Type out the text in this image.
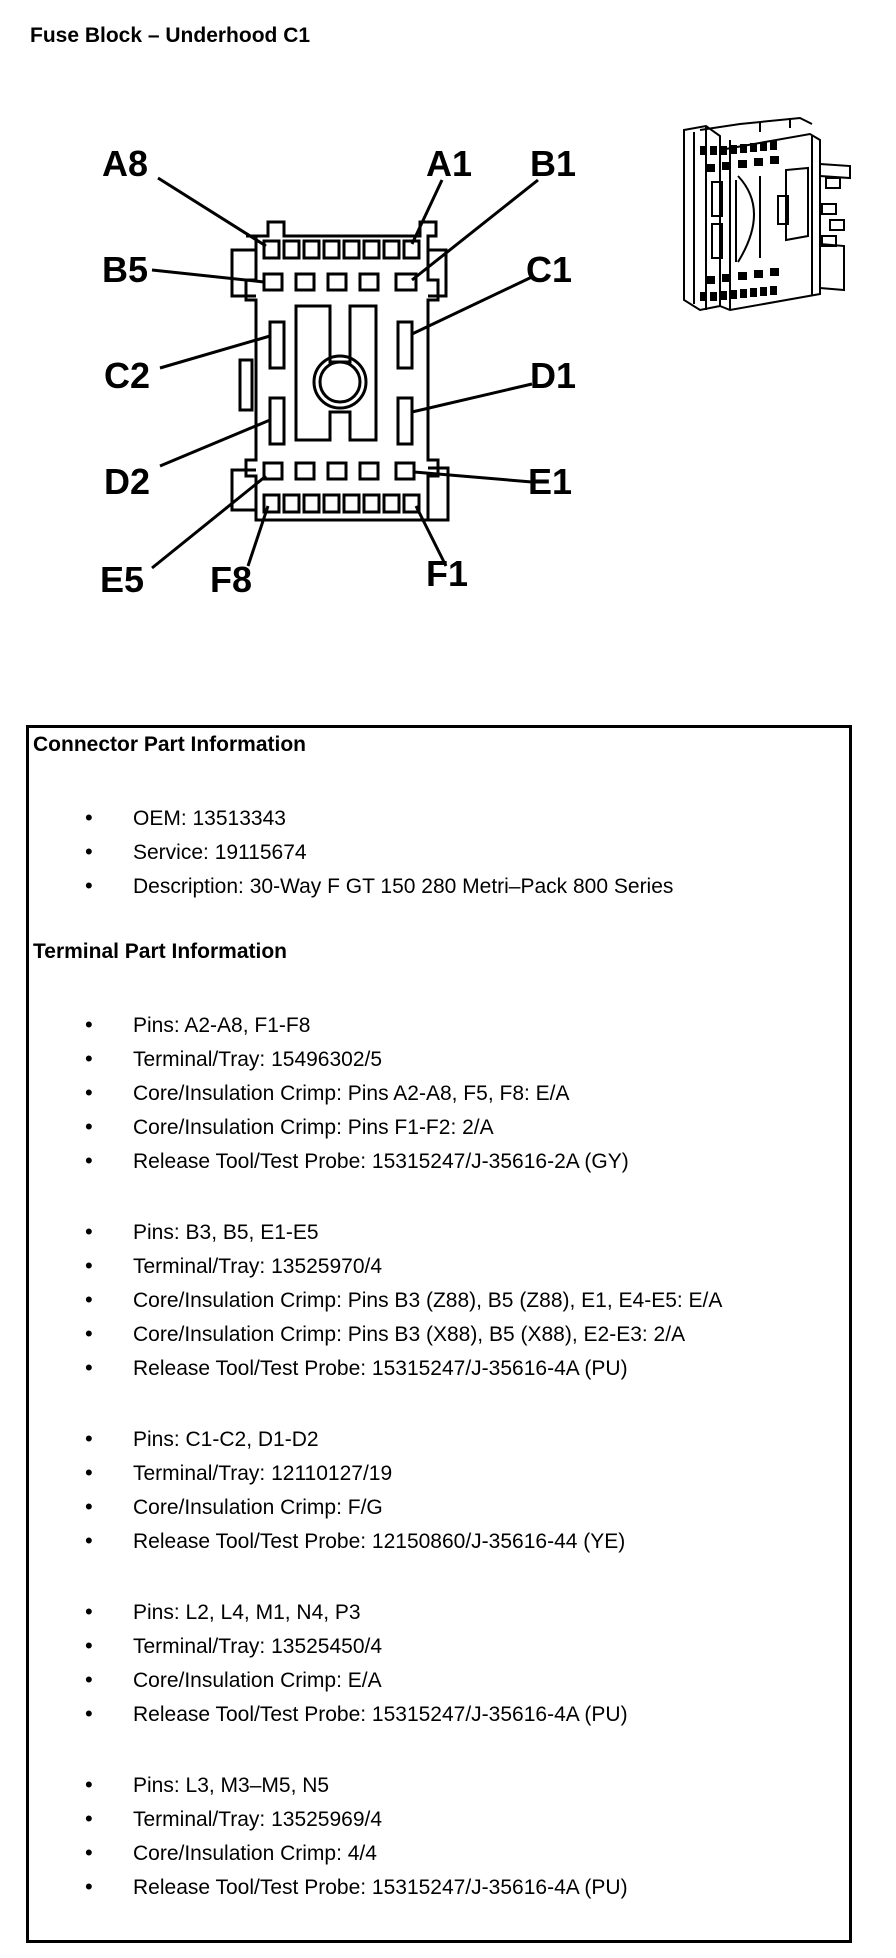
Fuse Block – Underhood C1
A8	A1 B1
B5	C1
C2	D1
D2	E1
E5 F8	F1
Connector Part Information
• OEM: 13513343
• Service: 19115674
• Description: 30-Way F GT 150 280 Metri–Pack 800 Series
Terminal Part Information
• Pins: A2-A8, F1-F8
• Terminal/Tray: 15496302/5
• Core/Insulation Crimp: Pins A2-A8, F5, F8: E/A
• Core/Insulation Crimp: Pins F1-F2: 2/A
• Release Tool/Test Probe: 15315247/J-35616-2A (GY)
• Pins: B3, B5, E1-E5
• Terminal/Tray: 13525970/4
• Core/Insulation Crimp: Pins B3 (Z88), B5 (Z88), E1, E4-E5: E/A
• Core/Insulation Crimp: Pins B3 (X88), B5 (X88), E2-E3: 2/A
• Release Tool/Test Probe: 15315247/J-35616-4A (PU)
• Pins: C1-C2, D1-D2
• Terminal/Tray: 12110127/19
• Core/Insulation Crimp: F/G
• Release Tool/Test Probe: 12150860/J-35616-44 (YE)
• Pins: L2, L4, M1, N4, P3
• Terminal/Tray: 13525450/4
• Core/Insulation Crimp: E/A
• Release Tool/Test Probe: 15315247/J-35616-4A (PU)
• Pins: L3, M3–M5, N5
• Terminal/Tray: 13525969/4
• Core/Insulation Crimp: 4/4
• Release Tool/Test Probe: 15315247/J-35616-4A (PU)
